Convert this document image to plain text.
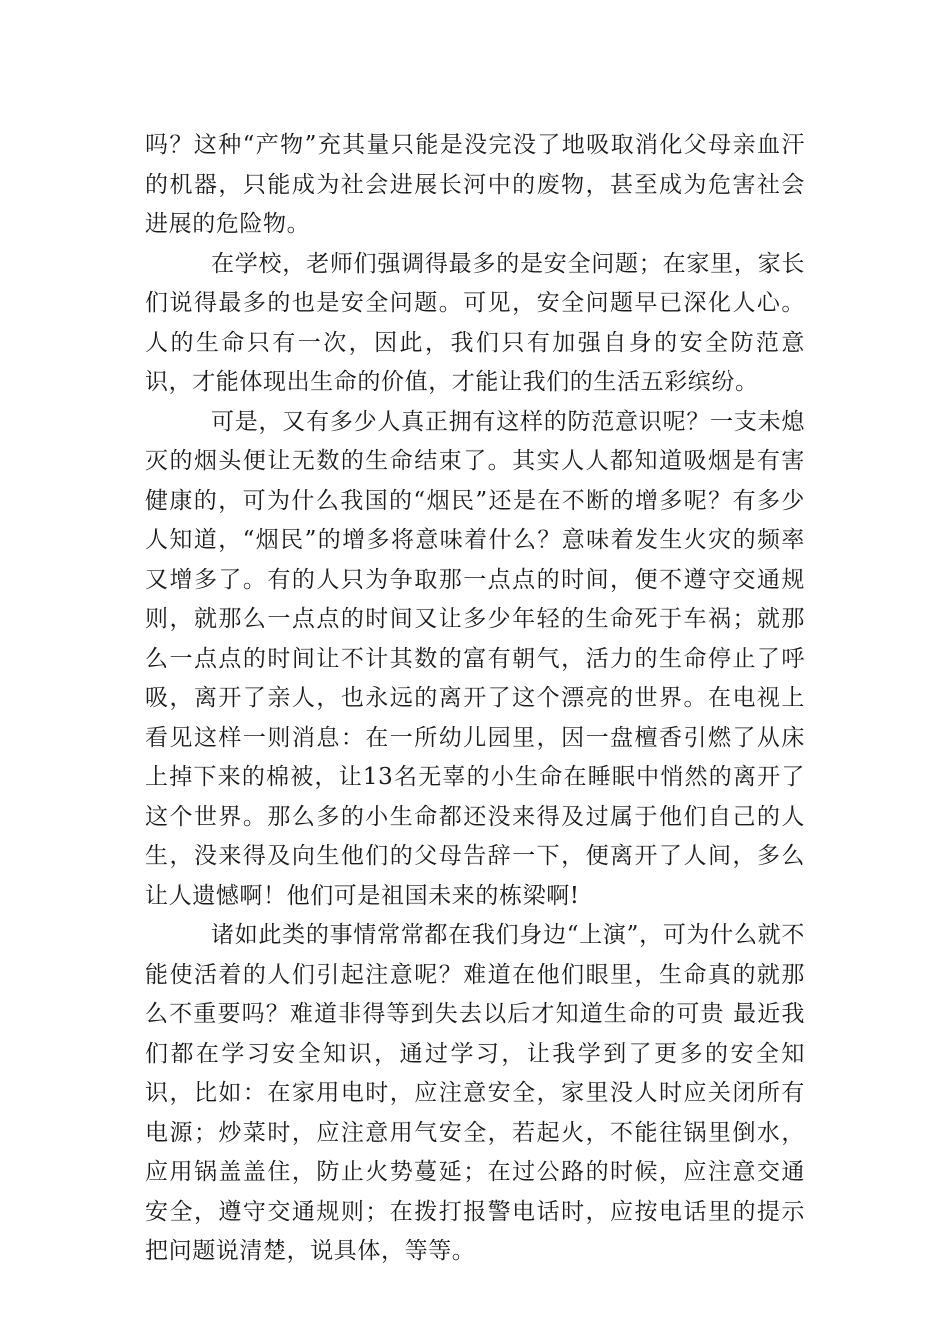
吗？这种“产物”充其量只能是没完没了地吸取消化父母亲血汗的机器，只能成为社会进展长河中的废物，甚至成为危害社会进展的危险物。

在学校，老师们强调得最多的是安全问题；在家里，家长们说得最多的也是安全问题。可见，安全问题早已深化人心。人的生命只有一次，因此，我们只有加强自身的安全防范意识，才能体现出生命的价值，才能让我们的生活五彩缤纷。

可是，又有多少人真正拥有这样的防范意识呢？一支未熄灭的烟头便让无数的生命结束了。其实人人都知道吸烟是有害健康的，可为什么我国的“烟民”还是在不断的增多呢？有多少人知道，“烟民”的增多将意味着什么？意味着发生火灾的频率又增多了。有的人只为争取那一点点的时间，便不遵守交通规则，就那么一点点的时间又让多少年轻的生命死于车祸；就那么一点点的时间让不计其数的富有朝气，活力的生命停止了呼吸，离开了亲人，也永远的离开了这个漂亮的世界。在电视上看见这样一则消息：在一所幼儿园里，因一盘檀香引燃了从床上掉下来的棉被，让13名无辜的小生命在睡眠中悄然的离开了这个世界。那么多的小生命都还没来得及过属于他们自己的人生，没来得及向生他们的父母告辞一下，便离开了人间，多么让人遗憾啊！他们可是祖国未来的栋梁啊!

诸如此类的事情常常都在我们身边“上演”，可为什么就不能使活着的人们引起注意呢？难道在他们眼里，生命真的就那么不重要吗？难道非得等到失去以后才知道生命的可贵 最近我们都在学习安全知识，通过学习，让我学到了更多的安全知识，比如：在家用电时，应注意安全，家里没人时应关闭所有电源；炒菜时，应注意用气安全，若起火，不能往锅里倒水，应用锅盖盖住，防止火势蔓延；在过公路的时候，应注意交通安全，遵守交通规则；在拨打报警电话时，应按电话里的提示把问题说清楚，说具体，等等。
